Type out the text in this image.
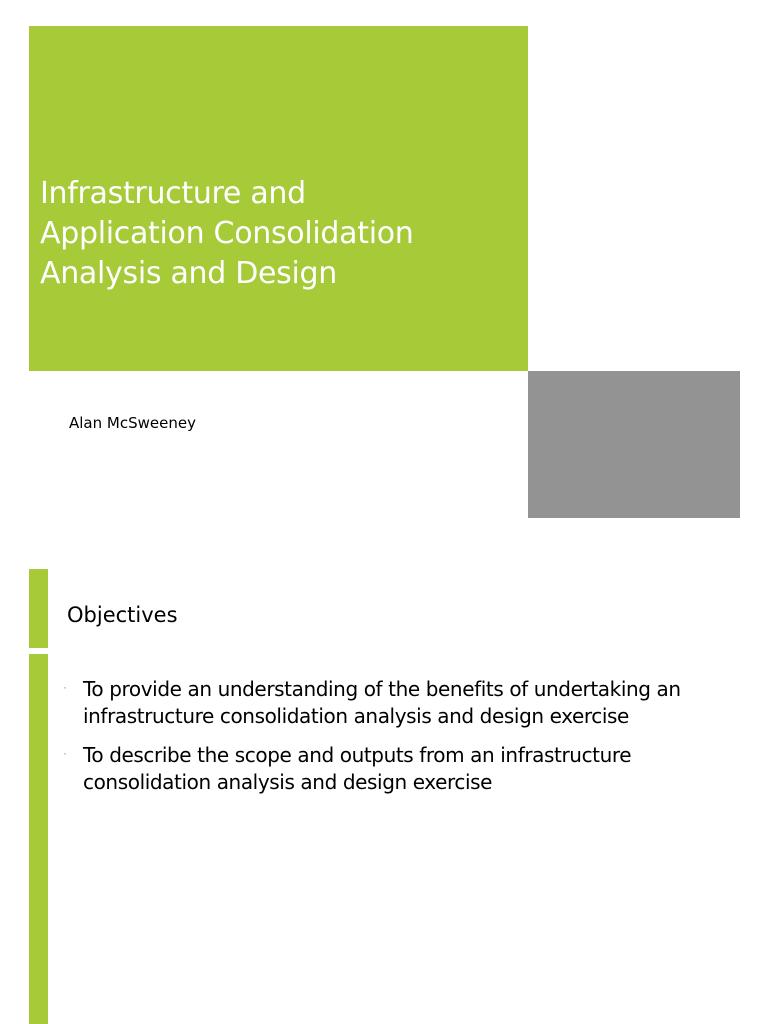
Infrastructure and
Application Consolidation
Analysis and Design

Alan McSweeney

Objectives
· To provide an understanding of the benefits of undertaking an infrastructure consolidation analysis and design exercise
· To describe the scope and outputs from an infrastructure consolidation analysis and design exercise
